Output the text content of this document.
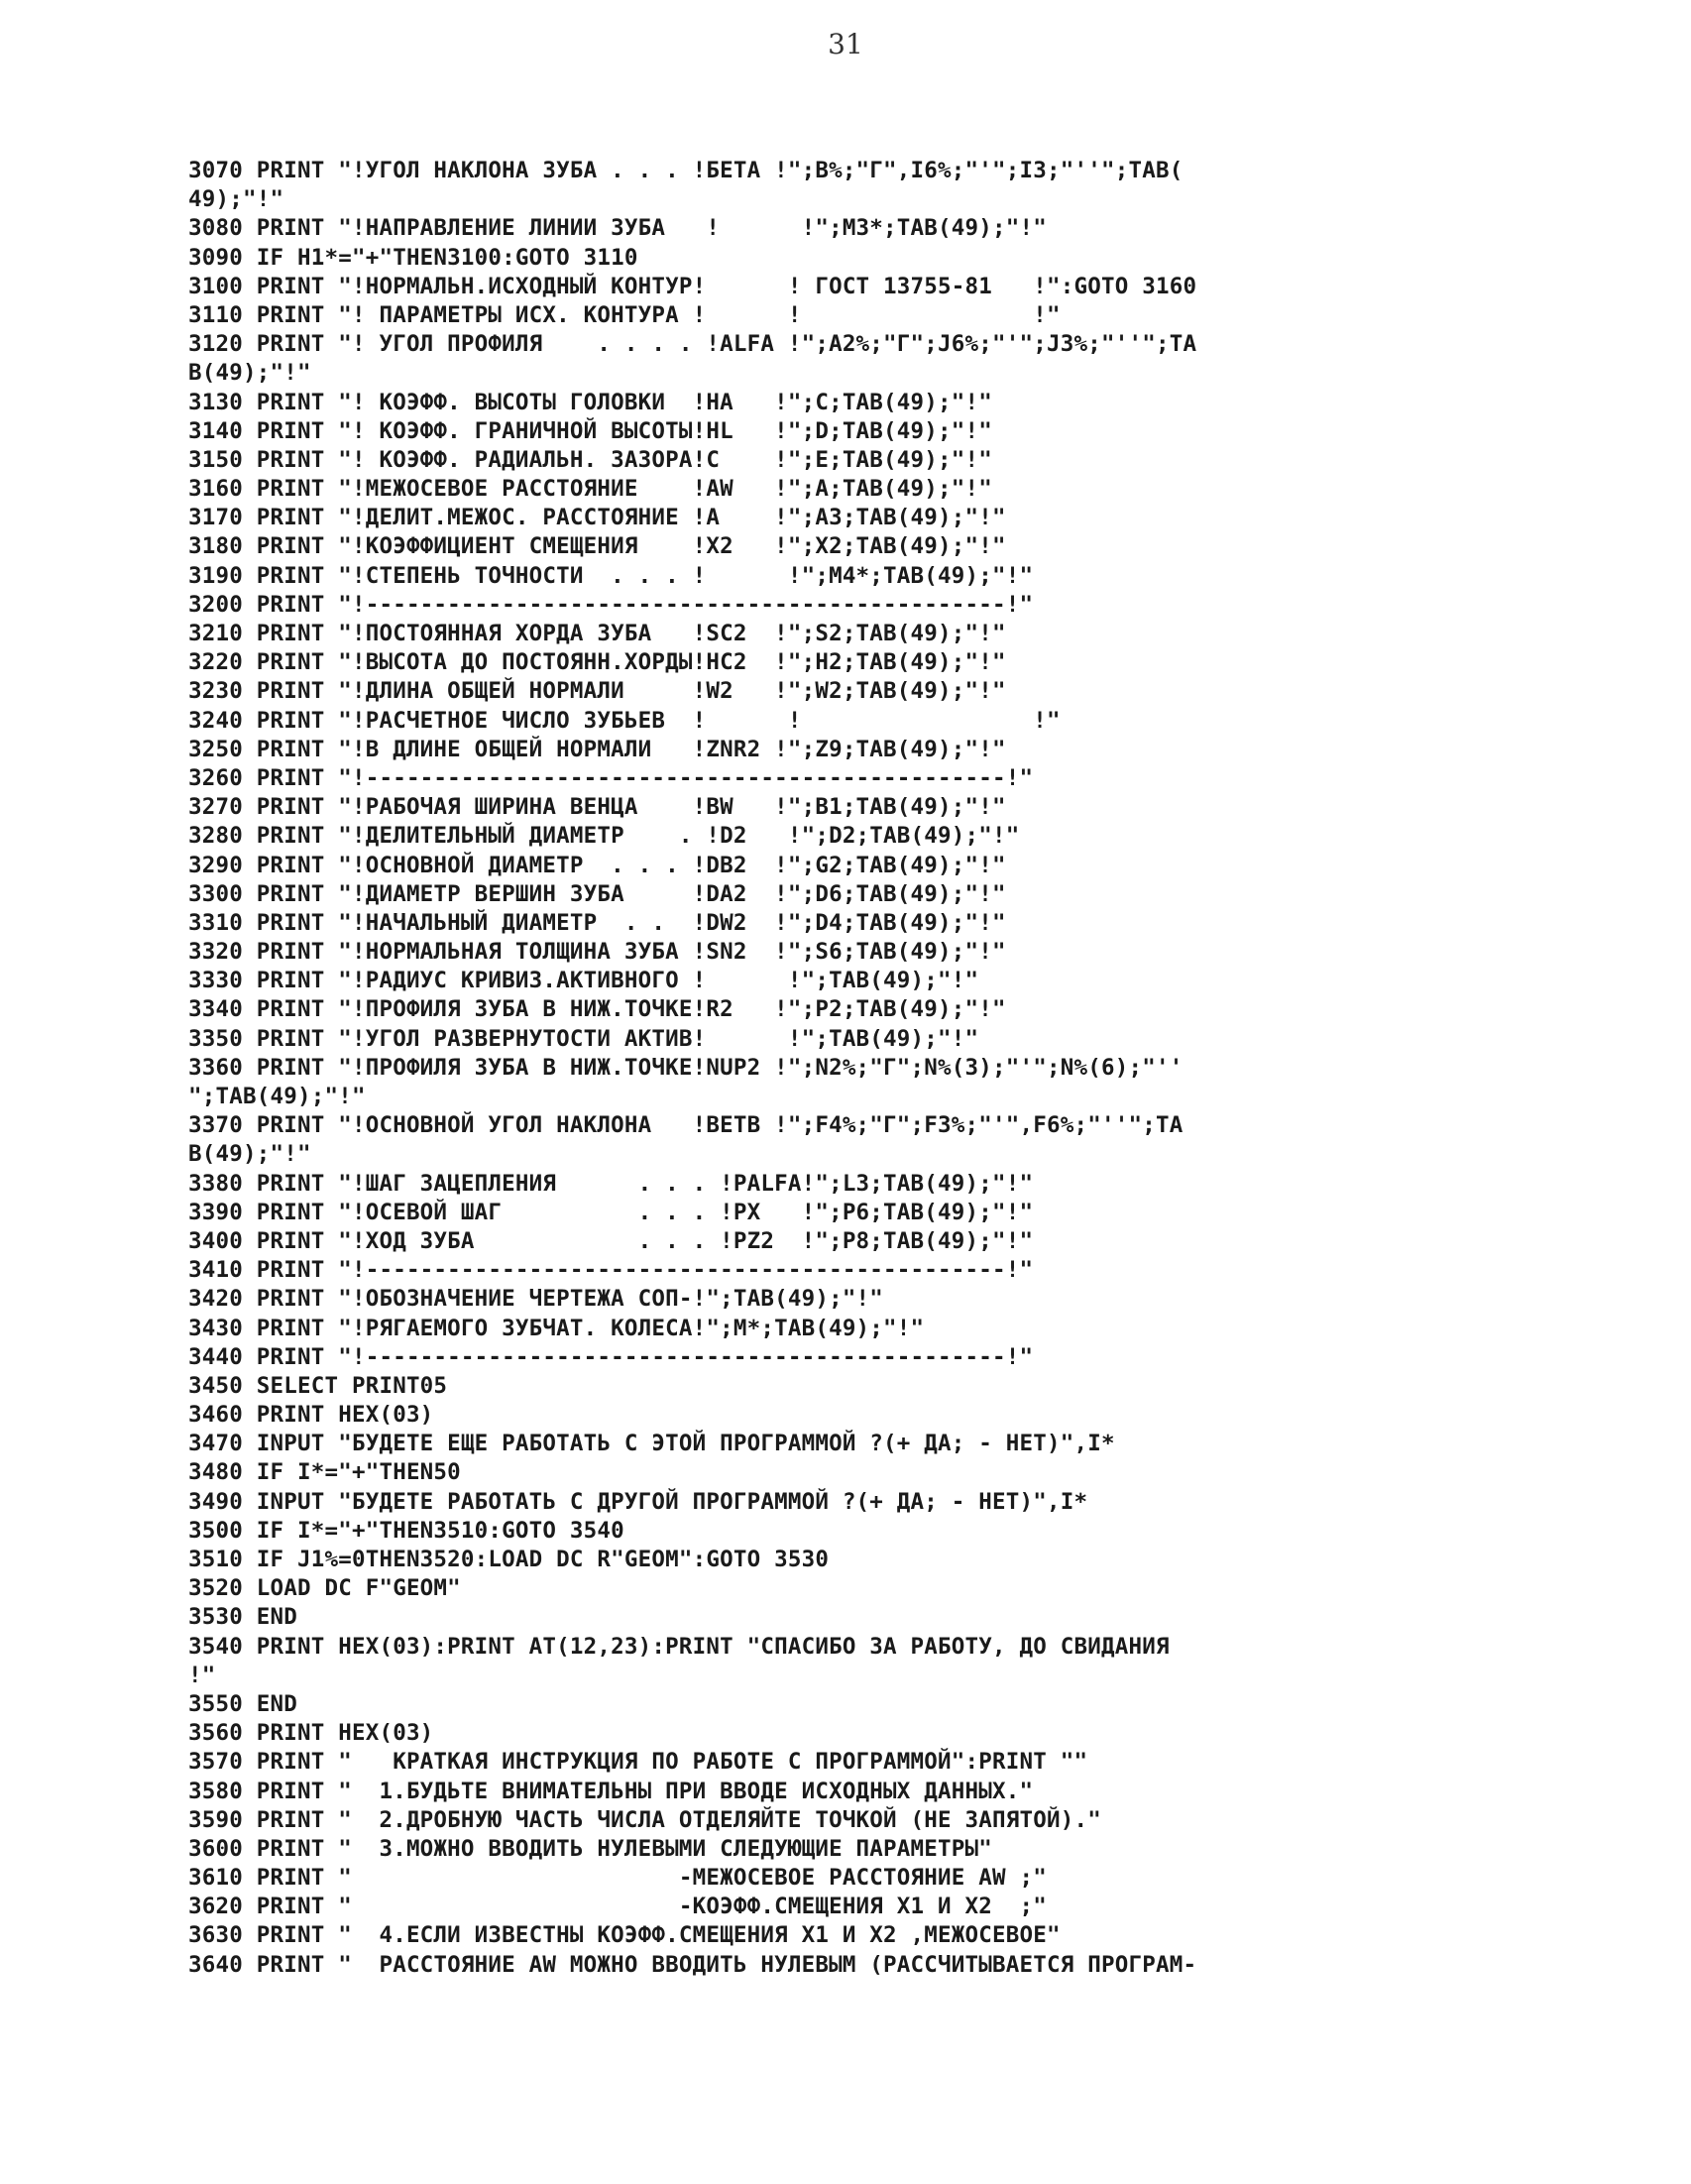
31
3070 PRINT "!УГОЛ НАКЛОНА ЗУБА . . . !БЕТА !";В%;"Г",I6%;"'";I3;"''";TAB(
49);"!"
3080 PRINT "!НАПРАВЛЕНИЕ ЛИНИИ ЗУБА   !      !";M3*;TAB(49);"!"
3090 IF H1*="+"THEN3100:GOTO 3110
3100 PRINT "!НОРМАЛЬН.ИСХОДНЫЙ КОНТУР!      ! ГОСТ 13755-81   !":GOTO 3160
3110 PRINT "! ПАРАМЕТРЫ ИСХ. КОНТУРА !      !                 !"
3120 PRINT "! УГОЛ ПРОФИЛЯ    . . . . !ALFA !";A2%;"Г";J6%;"'";J3%;"''";TA
B(49);"!"
3130 PRINT "! КОЭФФ. ВЫСОТЫ ГОЛОВКИ  !HA   !";C;TAB(49);"!"
3140 PRINT "! КОЭФФ. ГРАНИЧНОЙ ВЫСОТЫ!HL   !";D;TAB(49);"!"
3150 PRINT "! КОЭФФ. РАДИАЛЬН. ЗАЗОРА!C    !";E;TAB(49);"!"
3160 PRINT "!МЕЖОСЕВОЕ РАССТОЯНИЕ    !AW   !";A;TAB(49);"!"
3170 PRINT "!ДЕЛИТ.МЕЖОС. РАССТОЯНИЕ !A    !";A3;TAB(49);"!"
3180 PRINT "!КОЭФФИЦИЕНТ СМЕЩЕНИЯ    !X2   !";X2;TAB(49);"!"
3190 PRINT "!СТЕПЕНЬ ТОЧНОСТИ  . . . !      !";M4*;TAB(49);"!"
3200 PRINT "!-----------------------------------------------!"
3210 PRINT "!ПОСТОЯННАЯ ХОРДА ЗУБА   !SC2  !";S2;TAB(49);"!"
3220 PRINT "!ВЫСОТА ДО ПОСТОЯНН.ХОРДЫ!HC2  !";H2;TAB(49);"!"
3230 PRINT "!ДЛИНА ОБЩЕЙ НОРМАЛИ     !W2   !";W2;TAB(49);"!"
3240 PRINT "!РАСЧЕТНОЕ ЧИСЛО ЗУБЬЕВ  !      !                 !"
3250 PRINT "!В ДЛИНЕ ОБЩЕЙ НОРМАЛИ   !ZNR2 !";Z9;TAB(49);"!"
3260 PRINT "!-----------------------------------------------!"
3270 PRINT "!РАБОЧАЯ ШИРИНА ВЕНЦА    !BW   !";B1;TAB(49);"!"
3280 PRINT "!ДЕЛИТЕЛЬНЫЙ ДИАМЕТР    . !D2   !";D2;TAB(49);"!"
3290 PRINT "!ОСНОВНОЙ ДИАМЕТР  . . . !DB2  !";G2;TAB(49);"!"
3300 PRINT "!ДИАМЕТР ВЕРШИН ЗУБА     !DA2  !";D6;TAB(49);"!"
3310 PRINT "!НАЧАЛЬНЫЙ ДИАМЕТР  . .  !DW2  !";D4;TAB(49);"!"
3320 PRINT "!НОРМАЛЬНАЯ ТОЛЩИНА ЗУБА !SN2  !";S6;TAB(49);"!"
3330 PRINT "!РАДИУС КРИВИЗ.АКТИВНОГО !      !";TAB(49);"!"
3340 PRINT "!ПРОФИЛЯ ЗУБА В НИЖ.ТОЧКЕ!R2   !";P2;TAB(49);"!"
3350 PRINT "!УГОЛ РАЗВЕРНУТОСТИ АКТИВ!      !";TAB(49);"!"
3360 PRINT "!ПРОФИЛЯ ЗУБА В НИЖ.ТОЧКЕ!NUP2 !";N2%;"Г";N%(3);"'";N%(6);"''
";TAB(49);"!"
3370 PRINT "!ОСНОВНОЙ УГОЛ НАКЛОНА   !BETB !";F4%;"Г";F3%;"'",F6%;"''";TA
B(49);"!"
3380 PRINT "!ШАГ ЗАЦЕПЛЕНИЯ      . . . !PALFA!";L3;TAB(49);"!"
3390 PRINT "!ОСЕВОЙ ШАГ          . . . !PX   !";P6;TAB(49);"!"
3400 PRINT "!ХОД ЗУБА            . . . !PZ2  !";P8;TAB(49);"!"
3410 PRINT "!-----------------------------------------------!"
3420 PRINT "!ОБОЗНАЧЕНИЕ ЧЕРТЕЖА СОП-!";TAB(49);"!"
3430 PRINT "!РЯГАЕМОГО ЗУБЧАТ. КОЛЕСА!";M*;TAB(49);"!"
3440 PRINT "!-----------------------------------------------!"
3450 SELECT PRINT05
3460 PRINT HEX(03)
3470 INPUT "БУДЕТЕ ЕЩЕ РАБОТАТЬ С ЭТОЙ ПРОГРАММОЙ ?(+ ДА; - НЕТ)",I*
3480 IF I*="+"THEN50
3490 INPUT "БУДЕТЕ РАБОТАТЬ С ДРУГОЙ ПРОГРАММОЙ ?(+ ДА; - НЕТ)",I*
3500 IF I*="+"THEN3510:GOTO 3540
3510 IF J1%=0THEN3520:LOAD DC R"GEOM":GOTO 3530
3520 LOAD DC F"GEOM"
3530 END
3540 PRINT HEX(03):PRINT AT(12,23):PRINT "СПАСИБО ЗА РАБОТУ, ДО СВИДАНИЯ
!"
3550 END
3560 PRINT HEX(03)
3570 PRINT "   КРАТКАЯ ИНСТРУКЦИЯ ПО РАБОТЕ С ПРОГРАММОЙ":PRINT ""
3580 PRINT "  1.БУДЬТЕ ВНИМАТЕЛЬНЫ ПРИ ВВОДЕ ИСХОДНЫХ ДАННЫХ."
3590 PRINT "  2.ДРОБНУЮ ЧАСТЬ ЧИСЛА ОТДЕЛЯЙТЕ ТОЧКОЙ (НЕ ЗАПЯТОЙ)."
3600 PRINT "  3.МОЖНО ВВОДИТЬ НУЛЕВЫМИ СЛЕДУЮЩИЕ ПАРАМЕТРЫ"
3610 PRINT "                        -МЕЖОСЕВОЕ РАССТОЯНИЕ AW ;"
3620 PRINT "                        -КОЭФФ.СМЕЩЕНИЯ X1 И X2  ;"
3630 PRINT "  4.ЕСЛИ ИЗВЕСТНЫ КОЭФФ.СМЕЩЕНИЯ X1 И X2 ,МЕЖОСЕВОЕ"
3640 PRINT "  РАССТОЯНИЕ AW МОЖНО ВВОДИТЬ НУЛЕВЫМ (РАССЧИТЫВАЕТСЯ ПРОГРАМ-
